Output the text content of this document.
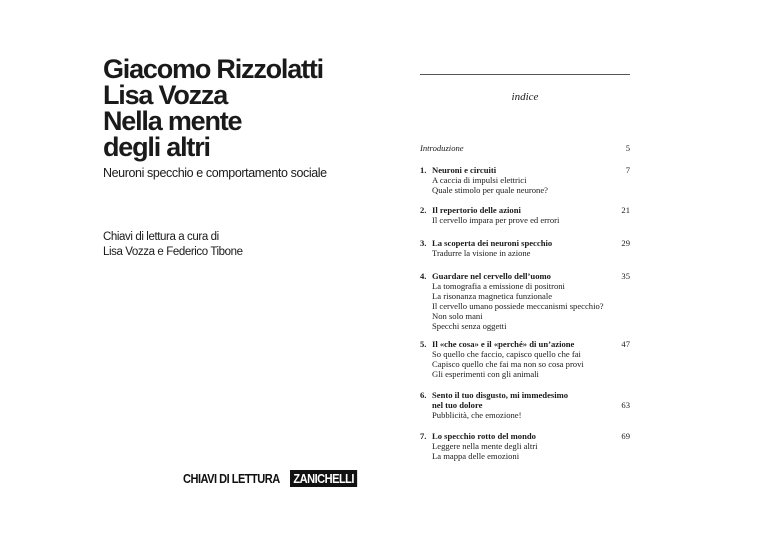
Giacomo Rizzolatti
Lisa Vozza
Nella mente
degli altri
Neuroni specchio e comportamento sociale
Chiavi di lettura a cura di
Lisa Vozza e Federico Tibone
CHIAVI DI LETTURA ZANICHELLI
indice
Introduzione	5
1. Neuroni e circuiti
A caccia di impulsi elettrici
Quale stimolo per quale neurone?
7
2. Il repertorio delle azioni
Il cervello impara per prove ed errori
21
3. La scoperta dei neuroni specchio
Tradurre la visione in azione
29
4. Guardare nel cervello dell’uomo
La tomografia a emissione di positroni
La risonanza magnetica funzionale
Il cervello umano possiede meccanismi specchio?
Non solo mani
Specchi senza oggetti
35
5. Il «che cosa» e il «perché» di un’azione
So quello che faccio, capisco quello che fai
Capisco quello che fai ma non so cosa provi
Gli esperimenti con gli animali
47
6. Sento il tuo disgusto, mi immedesimo
nel tuo dolore
Pubblicità, che emozione!
63
7. Lo specchio rotto del mondo
Leggere nella mente degli altri
La mappa delle emozioni
69
